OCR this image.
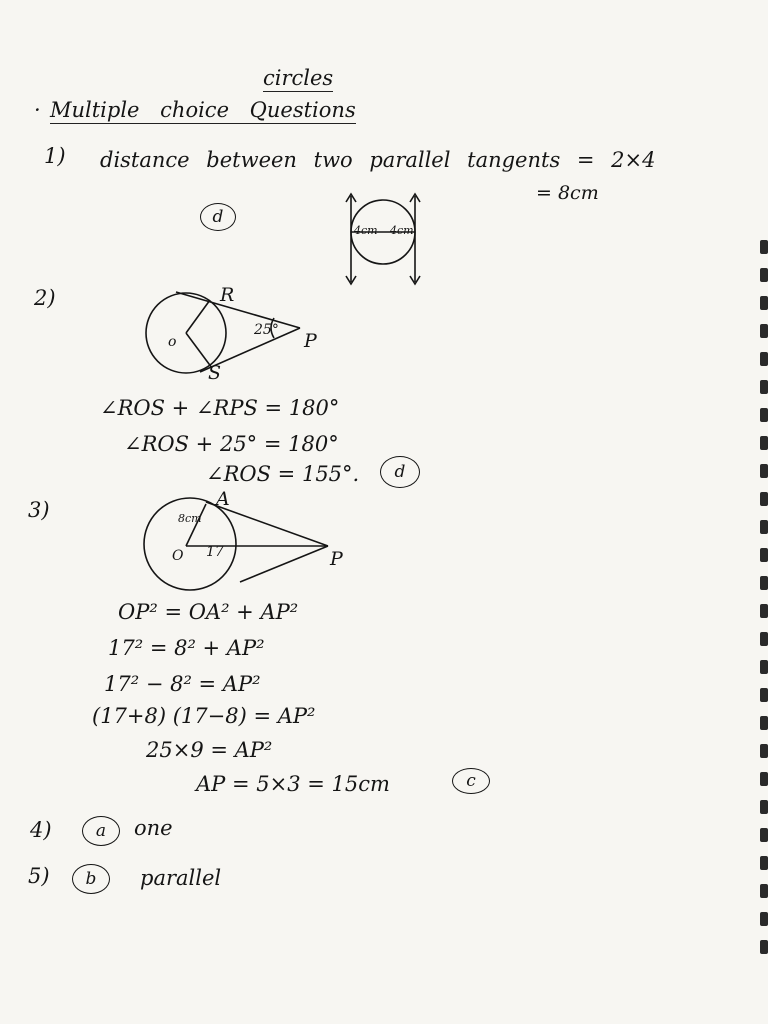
circles
· Multiple choice Questions
1) distance between two parallel tangents = 2×4
= 8cm
d
4cm 4cm
2)	R
S
o	P
25°
∠ROS + ∠RPS = 180°
∠ROS + 25° = 180°
∠ROS = 155°. d
3)	A
8cm
O 17	P
OP² = OA² + AP²
17² = 8² + AP²
17² − 8² = AP²
(17+8) (17−8) = AP²
25×9 = AP²
AP = 5×3 = 15cm	c
4)	a one
5) b parallel
